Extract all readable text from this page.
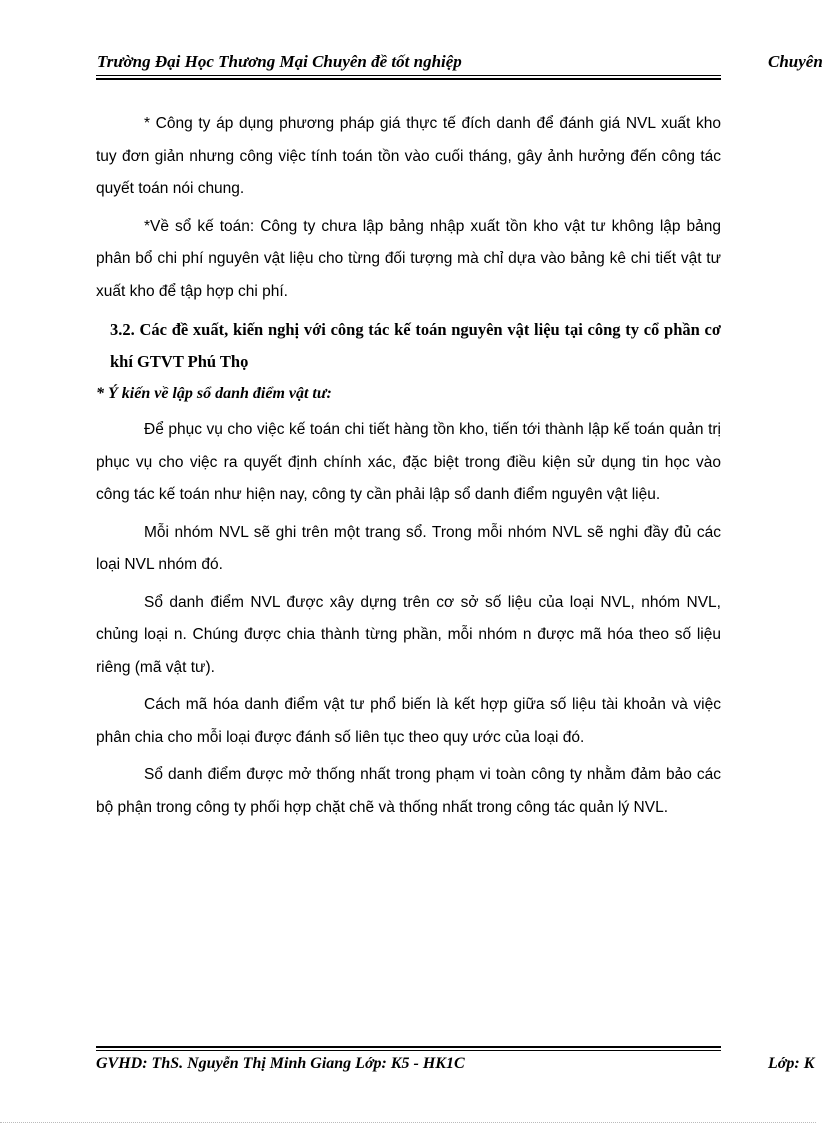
Trường Đại Học Thương Mại Chuyên đề tốt nghiệp	Chuyên

* Công ty áp dụng phương pháp giá thực tế đích danh để đánh giá NVL xuất kho tuy đơn giản nhưng công việc tính toán tồn vào cuối tháng, gây ảnh hưởng đến công tác quyết toán nói chung.

*Về sổ kế toán: Công ty chưa lập bảng nhập xuất tồn kho vật tư không lập bảng phân bổ chi phí nguyên vật liệu cho từng đối tượng mà chỉ dựa vào bảng kê chi tiết vật tư xuất kho để tập hợp chi phí.

3.2. Các đề xuất, kiến nghị với công tác kế toán nguyên vật liệu tại công ty cổ phần cơ khí GTVT Phú Thọ
* Ý kiến về lập sổ danh điểm vật tư:

Để phục vụ cho việc kế toán chi tiết hàng tồn kho, tiến tới thành lập kế toán quản trị phục vụ cho việc ra quyết định chính xác, đặc biệt trong điều kiện sử dụng tin học vào công tác kế toán như hiện nay, công ty cần phải lập sổ danh điểm nguyên vật liệu.

Mỗi nhóm NVL sẽ ghi trên một trang sổ. Trong mỗi nhóm NVL sẽ nghi đầy đủ các loại NVL nhóm đó.

Sổ danh điểm NVL được xây dựng trên cơ sở số liệu của loại NVL, nhóm NVL, chủng loại n. Chúng được chia thành từng phần, mỗi nhóm n được mã hóa theo số liệu riêng (mã vật tư).

Cách mã hóa danh điểm vật tư phổ biến là kết hợp giữa số liệu tài khoản và việc phân chia cho mỗi loại được đánh số liên tục theo quy ước của loại đó.

Sổ danh điểm được mở thống nhất trong phạm vi toàn công ty nhằm đảm bảo các bộ phận trong công ty phối hợp chặt chẽ và thống nhất trong công tác quản lý NVL.

GVHD: ThS. Nguyễn Thị Minh Giang Lớp: K5 - HK1C	Lớp: K
